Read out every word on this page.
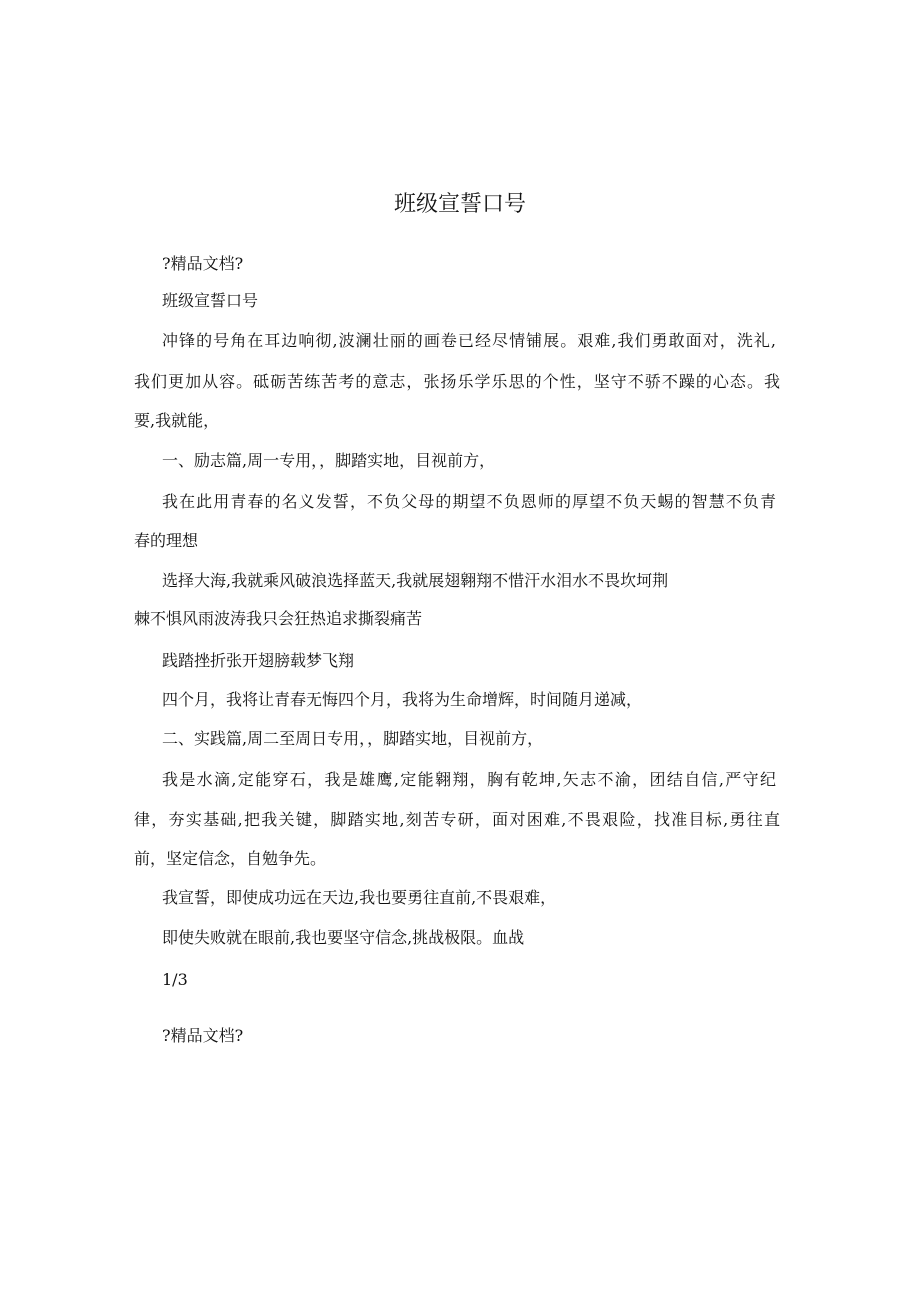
班级宣誓口号

?精品文档?

班级宣誓口号

冲锋的号角在耳边响彻,波澜壮丽的画卷已经尽情铺展。艰难,我们勇敢面对，洗礼,

我们更加从容。砥砺苦练苦考的意志，张扬乐学乐思的个性，坚守不骄不躁的心态。我

要,我就能，

一、励志篇,周一专用，，脚踏实地，目视前方，

我在此用青春的名义发誓，不负父母的期望不负恩师的厚望不负天蜴的智慧不负青

春的理想

选择大海,我就乘风破浪选择蓝天,我就展翅翱翔不惜汗水泪水不畏坎坷荆

棘不惧风雨波涛我只会狂热追求撕裂痛苦

践踏挫折张开翅膀载梦飞翔

四个月，我将让青春无悔四个月，我将为生命增辉，时间随月递减，

二、实践篇,周二至周日专用，，脚踏实地，目视前方，

我是水滴,定能穿石，我是雄鹰,定能翱翔，胸有乾坤,矢志不渝，团结自信,严守纪

律，夯实基础,把我关键，脚踏实地,刻苦专研，面对困难,不畏艰险，找准目标,勇往直

前，坚定信念，自勉争先。

我宣誓，即使成功远在天边,我也要勇往直前,不畏艰难，

即使失败就在眼前,我也要坚守信念,挑战极限。血战

1/3

?精品文档?
